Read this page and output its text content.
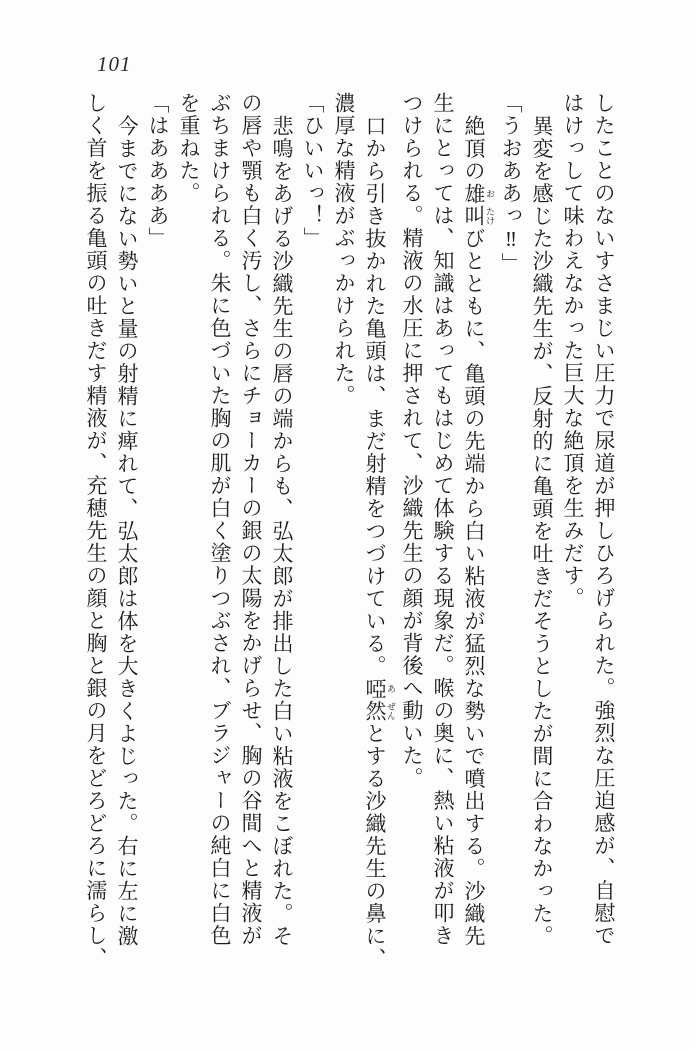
101
したことのないすさまじい圧力で尿道が押しひろげられた。強烈な圧迫感が、自慰で
はけっして味わえなかった巨大な絶頂を生みだす。
異変を感じた沙織先生が、反射的に亀頭を吐きだそうとしたが間に合わなかった。
「うおああっ‼」
絶頂の雄 お叫 たけびとともに、亀頭の先端から白い粘液が猛烈な勢いで噴出する。沙織先
生にとっては、知識はあってもはじめて体験する現象だ。喉の奥に、熱い粘液が叩き
つけられる。精液の水圧に押されて、沙織先生の顔が背後へ動いた。
口から引き抜かれた亀頭は、まだ射精をつづけている。啞 あ然 ぜんとする沙織先生の鼻に、
濃厚な精液がぶっかけられた。
「ひいいっ！」
悲鳴をあげる沙織先生の唇の端からも、弘太郎が排出した白い粘液をこぼれた。そ
の唇や顎も白く汚し、さらにチョーカーの銀の太陽をかげらせ、胸の谷間へと精液が
ぶちまけられる。朱に色づいた胸の肌が白く塗りつぶされ、ブラジャーの純白に白色
を重ねた。
「はああああ」
今までにない勢いと量の射精に痺れて、弘太郎は体を大きくよじった。右に左に激
しく首を振る亀頭の吐きだす精液が、充穂先生の顔と胸と銀の月をどろどろに濡らし、
